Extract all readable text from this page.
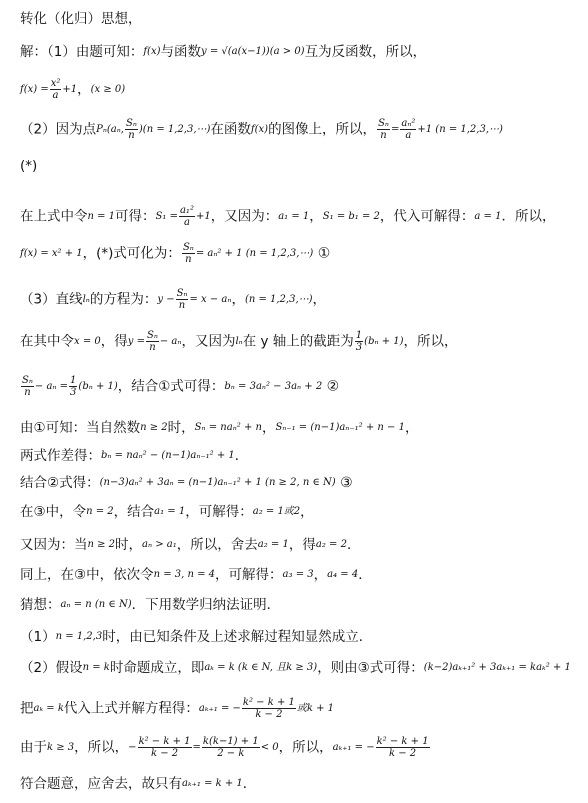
转化（化归）思想，
解：（1）由题可知：f(x)与函数y = √(a(x−1))(a > 0)互为反函数，所以，
$f(x) = \frac{\text{x²}}{a} +1$，(x ≥ 0)
（2）因为点Pₙ(aₙ, $\frac{\text{Sₙ}}{n} )(n$ = 1,2,3,⋯)在函数f(x)的图像上，所以， $\frac{\text{Sₙ}}{n} = \frac{\text{aₙ²}}{a} +1$ (n = 1,2,3,⋯)
(*)
在上式中令n = 1可得：$S_1 = \frac{\text{a₁²}}{a} +1$，又因为：a₁ = 1，S₁ = b₁ = 2，代入可解得：a = 1．所以，
f(x) = x² + 1，(*)式可化为： $\frac{\text{Sₙ}}{n} = a_n^2 + 1$ (n = 1,2,3,⋯) ①
（3）直线lₙ的方程为：$y - \frac{\text{Sₙ}}{n} = x - a_n$，(n = 1,2,3,⋯)，
在其中令x = 0，得$y = \frac{\text{Sₙ}}{n} - a_n$，又因为lₙ在 y 轴上的截距为 $\frac{1}{3} (b_n + 1)$，所以，
$\frac{\text{Sₙ}}{n} - a_n = \frac{1}{3} (b_n + 1)$，结合①式可得：bₙ = 3aₙ² − 3aₙ + 2 ②
由①可知：当自然数n ≥ 2时，Sₙ = naₙ² + n，Sₙ₋₁ = (n−1)aₙ₋₁² + n − 1，
两式作差得：bₙ = naₙ² − (n−1)aₙ₋₁² + 1．
结合②式得：(n−3)aₙ² + 3aₙ = (n−1)aₙ₋₁² + 1 (n ≥ 2, n ∈ N) ③
在③中，令n = 2，结合a₁ = 1，可解得：a₂ = 1或2，
又因为：当n ≥ 2时，aₙ > a₁，所以，舍去a₂ = 1，得a₂ = 2．
同上，在③中，依次令n = 3, n = 4，可解得：a₃ = 3，a₄ = 4．
猜想：aₙ = n (n ∈ N)．下用数学归纳法证明．
（1）n = 1,2,3时，由已知条件及上述求解过程知显然成立．
（2）假设n = k时命题成立，即aₖ = k (k ∈ N, 且k ≥ 3)，则由③式可得：(k−2)aₖ₊₁² + 3aₖ₊₁ = kaₖ² + 1
把aₖ = k代入上式并解方程得：aₖ₊₁ = − $\frac{\text{k² − k + 1}}{k - 2}$ 或k + 1
由于k ≥ 3，所以，− $\frac{\text{k² − k + 1}}{k - 2} = \frac{k(k-1) + 1}{2 - k} < 0$，所以，aₖ₊₁ = − $\frac{\text{k² − k + 1}}{k - 2}$
符合题意，应舍去，故只有aₖ₊₁ = k + 1．
